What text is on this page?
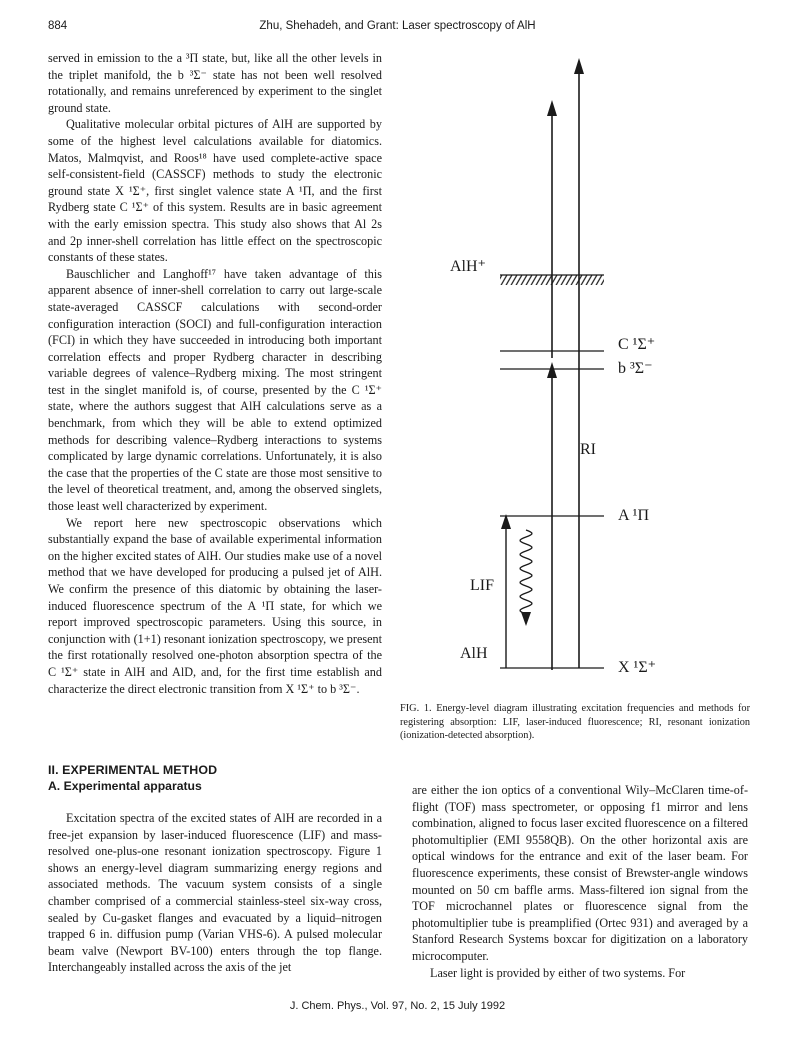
884	Zhu, Shehadeh, and Grant: Laser spectroscopy of AlH

served in emission to the a ³Π state, but, like all the other levels in the triplet manifold, the b ³Σ⁻ state has not been well resolved rotationally, and remains unreferenced by experiment to the singlet ground state.

Qualitative molecular orbital pictures of AlH are supported by some of the highest level calculations available for diatomics. Matos, Malmqvist, and Roos¹⁸ have used complete-active space self-consistent-field (CASSCF) methods to study the electronic ground state X ¹Σ⁺, first singlet valence state A ¹Π, and the first Rydberg state C ¹Σ⁺ of this system. Results are in basic agreement with the early emission spectra. This study also shows that Al 2s and 2p inner-shell correlation has little effect on the spectroscopic constants of these states.

Bauschlicher and Langhoff¹⁷ have taken advantage of this apparent absence of inner-shell correlation to carry out large-scale state-averaged CASSCF calculations with second-order configuration interaction (SOCI) and full-configuration interaction (FCI) in which they have succeeded in introducing both important correlation effects and proper Rydberg character in describing variable degrees of valence–Rydberg mixing. The most stringent test in the singlet manifold is, of course, presented by the C ¹Σ⁺ state, where the authors suggest that AlH calculations serve as a benchmark, from which they will be able to extend optimized methods for describing valence–Rydberg interactions to systems complicated by large dynamic correlations. Unfortunately, it is also the case that the properties of the C state are those most sensitive to the level of theoretical treatment, and, among the observed singlets, those least well characterized by experiment.

We report here new spectroscopic observations which substantially expand the base of available experimental information on the higher excited states of AlH. Our studies make use of a novel method that we have developed for producing a pulsed jet of AlH. We confirm the presence of this diatomic by obtaining the laser-induced fluorescence spectrum of the A ¹Π state, for which we report improved spectroscopic parameters. Using this source, in conjunction with (1+1) resonant ionization spectroscopy, we present the first rotationally resolved one-photon absorption spectra of the C ¹Σ⁺ state in AlH and AlD, and, for the first time establish and characterize the direct electronic transition from X ¹Σ⁺ to b ³Σ⁻.

AlH⁺
C ¹Σ⁺
b ³Σ⁻
RI
A ¹Π
LIF
AlH
X ¹Σ⁺
FIG. 1. Energy-level diagram illustrating excitation frequencies and methods for registering absorption: LIF, laser-induced fluorescence; RI, resonant ionization (ionization-detected absorption).
II. EXPERIMENTAL METHOD
A. Experimental apparatus

Excitation spectra of the excited states of AlH are recorded in a free-jet expansion by laser-induced fluorescence (LIF) and mass-resolved one-plus-one resonant ionization spectroscopy. Figure 1 shows an energy-level diagram summarizing energy regions and associated methods. The vacuum system consists of a single chamber comprised of a commercial stainless-steel six-way cross, sealed by Cu-gasket flanges and evacuated by a liquid–nitrogen trapped 6 in. diffusion pump (Varian VHS-6). A pulsed molecular beam valve (Newport BV-100) enters through the top flange. Interchangeably installed across the axis of the jet

are either the ion optics of a conventional Wily–McClaren time-of-flight (TOF) mass spectrometer, or opposing f1 mirror and lens combination, aligned to focus laser excited fluorescence on a filtered photomultiplier (EMI 9558QB). On the other horizontal axis are optical windows for the entrance and exit of the laser beam. For fluorescence experiments, these consist of Brewster-angle windows mounted on 50 cm baffle arms. Mass-filtered ion signal from the TOF microchannel plates or fluorescence signal from the photomultiplier tube is preamplified (Ortec 931) and averaged by a Stanford Research Systems boxcar for digitization on a laboratory microcomputer.

Laser light is provided by either of two systems. For

J. Chem. Phys., Vol. 97, No. 2, 15 July 1992
